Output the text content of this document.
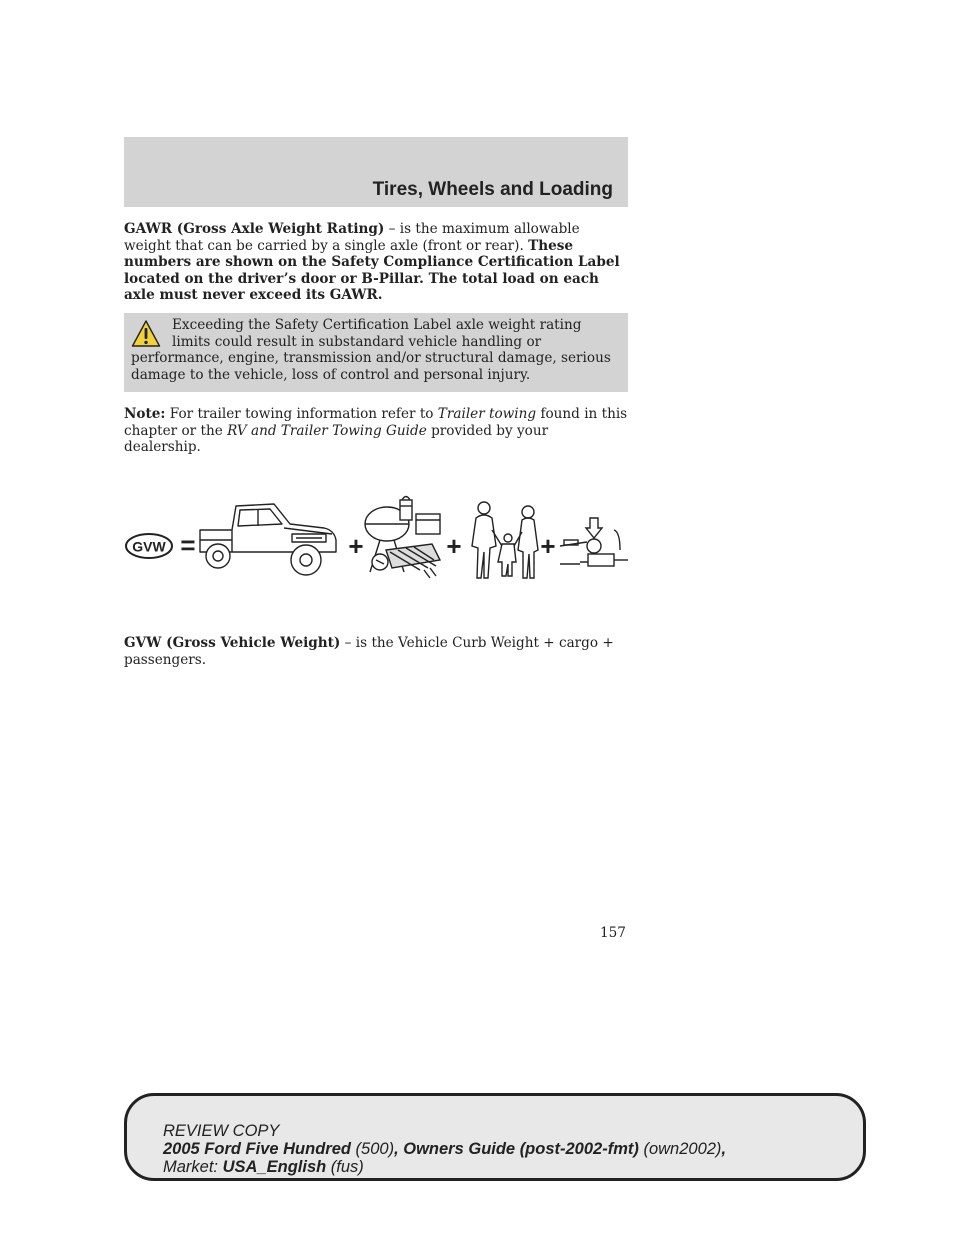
Tires, Wheels and Loading

GAWR (Gross Axle Weight Rating) – is the maximum allowable weight that can be carried by a single axle (front or rear). These numbers are shown on the Safety Compliance Certification Label located on the driver’s door or B-Pillar. The total load on each axle must never exceed its GAWR.

Exceeding the Safety Certification Label axle weight rating limits could result in substandard vehicle handling or performance, engine, transmission and/or structural damage, serious damage to the vehicle, loss of control and personal injury.

Note: For trailer towing information refer to Trailer towing found in this chapter or the RV and Trailer Towing Guide provided by your dealership.

GVW =	+	+	+

GVW (Gross Vehicle Weight) – is the Vehicle Curb Weight + cargo + passengers.

157
REVIEW COPY
2005 Ford Five Hundred (500), Owners Guide (post-2002-fmt) (own2002),
Market: USA_English (fus)
